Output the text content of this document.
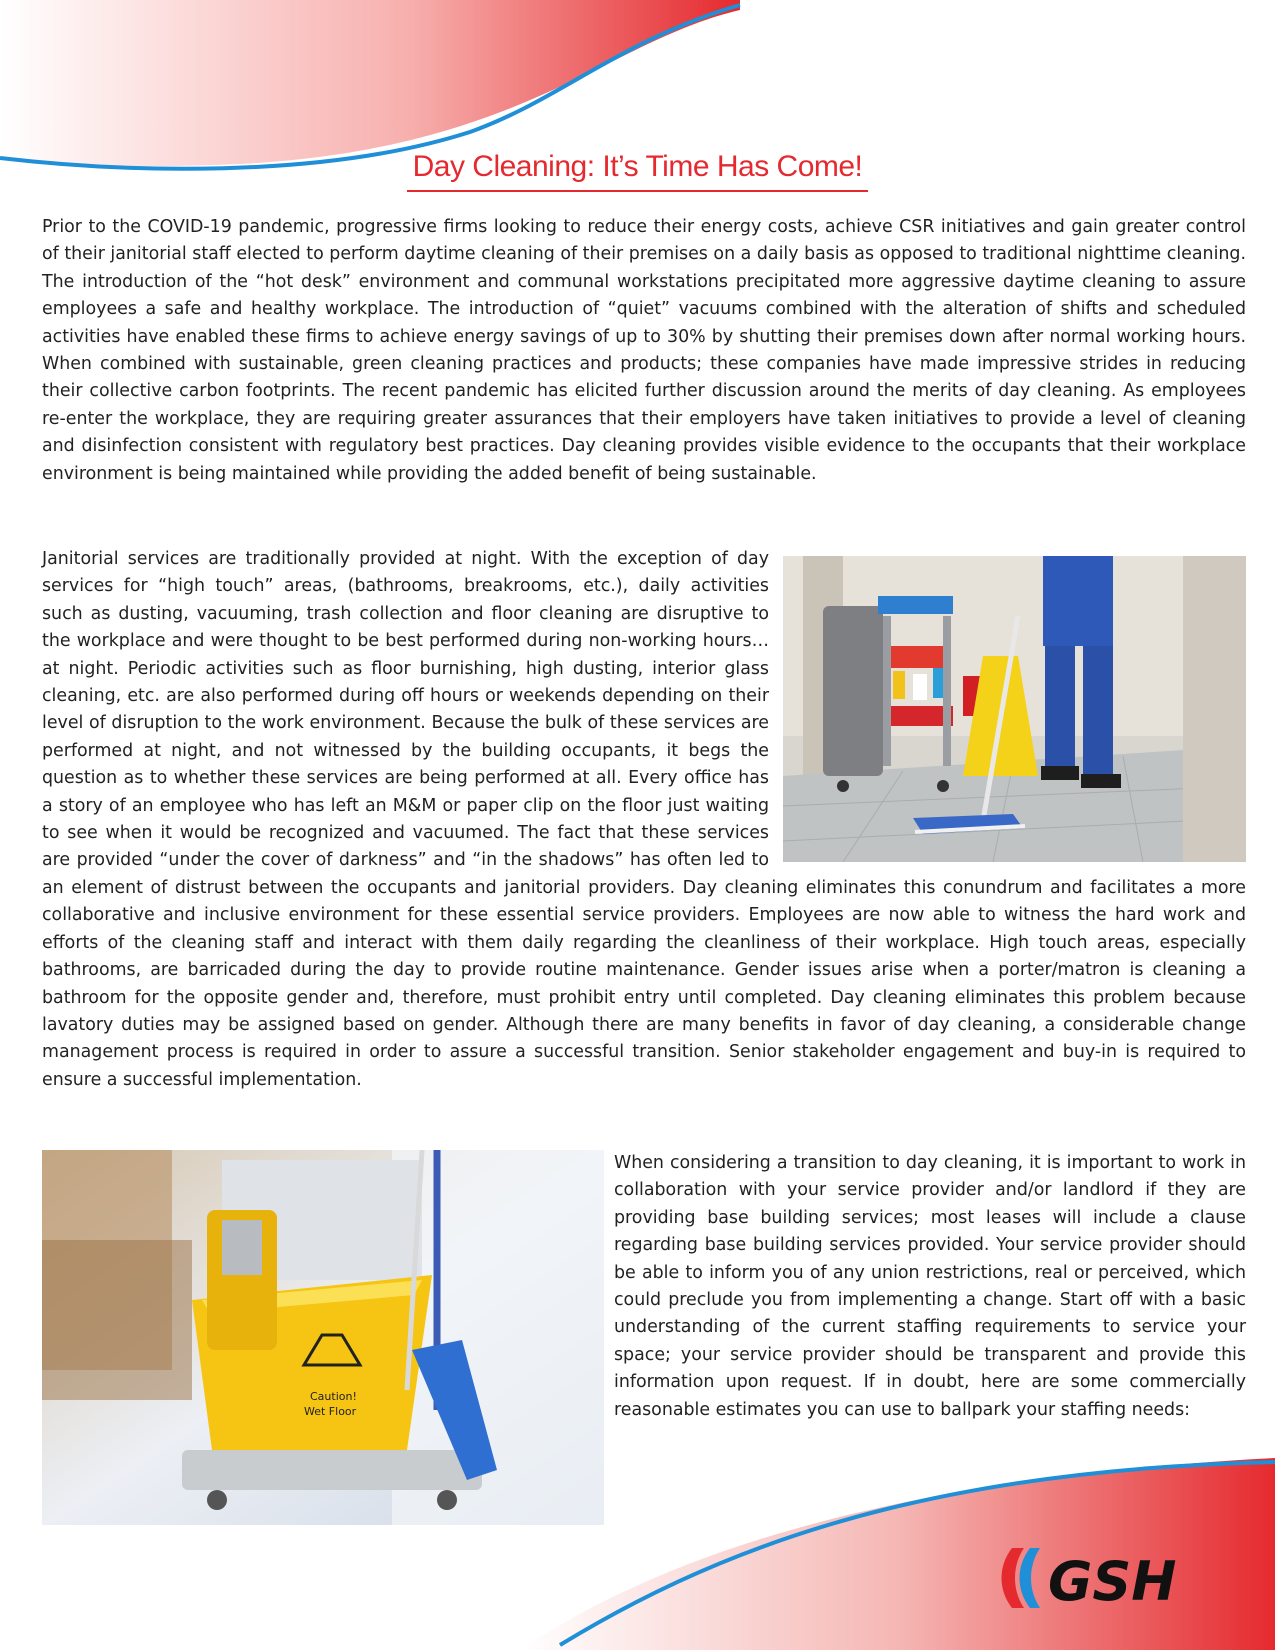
Day Cleaning: It’s Time Has Come!

Prior to the COVID-19 pandemic, progressive firms looking to reduce their energy costs, achieve CSR initiatives and gain greater control of their janitorial staff elected to perform daytime cleaning of their premises on a daily basis as opposed to traditional nighttime cleaning. The introduction of the “hot desk” environment and communal workstations precipitated more aggressive daytime cleaning to assure employees a safe and healthy workplace. The introduction of “quiet” vacuums combined with the alteration of shifts and scheduled activities have enabled these firms to achieve energy savings of up to 30% by shutting their premises down after normal working hours. When combined with sustainable, green cleaning practices and products; these companies have made impressive strides in reducing their collective carbon footprints. The recent pandemic has elicited further discussion around the merits of day cleaning. As employees re-enter the workplace, they are requiring greater assurances that their employers have taken initiatives to provide a level of cleaning and disinfection consistent with regulatory best practices. Day cleaning provides visible evidence to the occupants that their workplace environment is being maintained while providing the added benefit of being sustainable.

Janitorial services are traditionally provided at night. With the exception of day services for “high touch” areas, (bathrooms, breakrooms, etc.), daily activities such as dusting, vacuuming, trash collection and floor cleaning are disruptive to the workplace and were thought to be best performed during non-working hours…at night. Periodic activities such as floor burnishing, high dusting, interior glass cleaning, etc. are also performed during off hours or weekends depending on their level of disruption to the work environment. Because the bulk of these services are performed at night, and not witnessed by the building occupants, it begs the question as to whether these services are being performed at all. Every office has a story of an employee who has left an M&M or paper clip on the floor just waiting to see when it would be recognized and vacuumed. The fact that these services are provided “under the cover of darkness” and “in the shadows” has often led to an element of distrust between the occupants and janitorial providers. Day cleaning eliminates this conundrum and facilitates a more collaborative and inclusive environment for these essential service providers. Employees are now able to witness the hard work and efforts of the cleaning staff and interact with them daily regarding the cleanliness of their workplace. High touch areas, especially bathrooms, are barricaded during the day to provide routine maintenance. Gender issues arise when a porter/matron is cleaning a bathroom for the opposite gender and, therefore, must prohibit entry until completed. Day cleaning eliminates this problem because lavatory duties may be assigned based on gender. Although there are many benefits in favor of day cleaning, a considerable change management process is required in order to assure a successful transition. Senior stakeholder engagement and buy-in is required to ensure a successful implementation.
Caution!
Wet Floor

When considering a transition to day cleaning, it is important to work in collaboration with your service provider and/or landlord if they are providing base building services; most leases will include a clause regarding base building services provided. Your service provider should be able to inform you of any union restrictions, real or perceived, which could preclude you from implementing a change. Start off with a basic understanding of the current staffing requirements to service your space; your service provider should be transparent and provide this information upon request. If in doubt, here are some commercially reasonable estimates you can use to ballpark your staffing needs:

GSH
